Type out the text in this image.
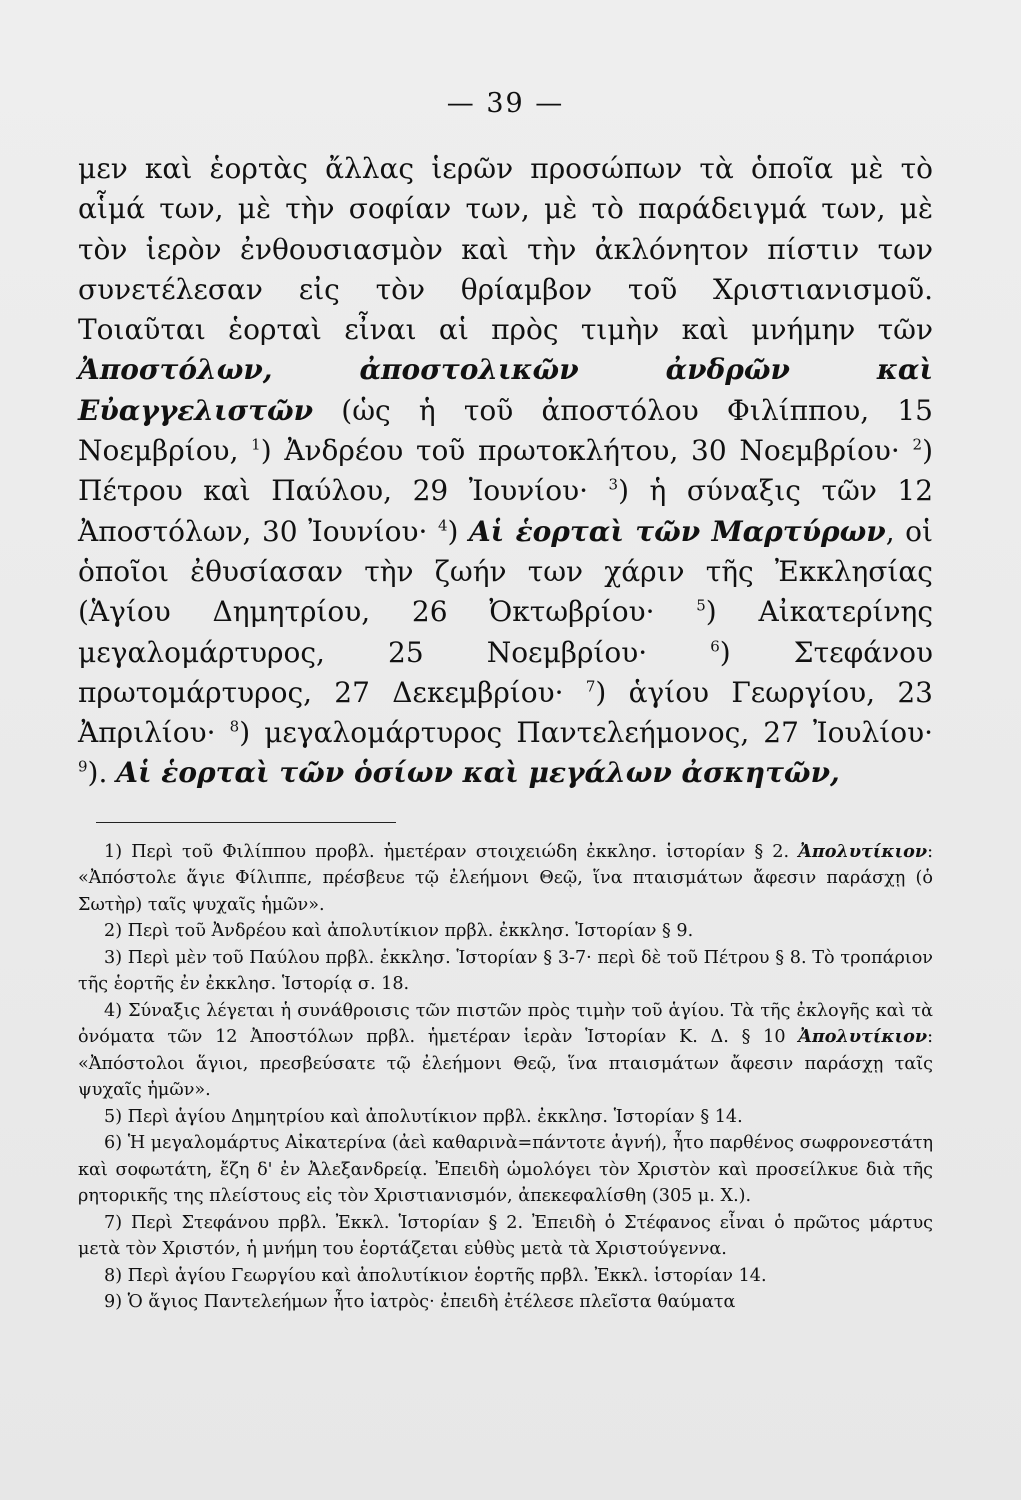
— 39 —
μεν καὶ ἑορτὰς ἄλλας ἱερῶν προσώπων τὰ ὁποῖα μὲ τὸ αἷμά των, μὲ τὴν σοφίαν των, μὲ τὸ παράδειγμά των, μὲ τὸν ἱερὸν ἐνθουσιασμὸν καὶ τὴν ἀκλόνητον πίστιν των συνετέλεσαν εἰς τὸν θρίαμβον τοῦ Χριστιανισμοῦ. Τοιαῦται ἑορταὶ εἶναι αἱ πρὸς τιμὴν καὶ μνήμην τῶν Ἀποστόλων, ἀποστολικῶν ἀνδρῶν καὶ Εὐαγγελιστῶν (ὡς ἡ τοῦ ἀποστόλου Φιλίππου, 15 Νοεμβρίου, $^1$) Ἀνδρέου τοῦ πρωτοκλήτου, 30 Νοεμβρίου· $^2$) Πέτρου καὶ Παύλου, 29 Ἰουνίου· $^3$) ἡ σύναξις τῶν 12 Ἀποστόλων, 30 Ἰουνίου· $^4$) Αἱ ἑορταὶ τῶν Μαρτύρων, οἱ ὁποῖοι ἐθυσίασαν τὴν ζωήν των χάριν τῆς Ἐκκλησίας (Ἁγίου Δημητρίου, 26 Ὀκτωβρίου· $^5$) Αἰκατερίνης μεγαλομάρτυρος, 25 Νοεμβρίου· $^6$) Στεφάνου πρωτομάρτυρος, 27 Δεκεμβρίου· $^7$) ἁγίου Γεωργίου, 23 Ἀπριλίου· $^8$) μεγαλομάρτυρος Παντελεήμονος, 27 Ἰουλίου· $^9$). Αἱ ἑορταὶ τῶν ὁσίων καὶ μεγάλων ἀσκητῶν,

1) Περὶ τοῦ Φιλίππου προβλ. ἡμετέραν στοιχειώδη ἐκκλησ. ἱστορίαν § 2. Ἀπολυτίκιον: «Ἀπόστολε ἅγιε Φίλιππε, πρέσβευε τῷ ἐλεήμονι Θεῷ, ἵνα πταισμάτων ἄφεσιν παράσχῃ (ὁ Σωτὴρ) ταῖς ψυχαῖς ἡμῶν».

2) Περὶ τοῦ Ἀνδρέου καὶ ἀπολυτίκιον πρβλ. ἐκκλησ. Ἱστορίαν § 9.

3) Περὶ μὲν τοῦ Παύλου πρβλ. ἐκκλησ. Ἱστορίαν § 3-7· περὶ δὲ τοῦ Πέτρου § 8. Τὸ τροπάριον τῆς ἑορτῆς ἐν ἐκκλησ. Ἱστορίᾳ σ. 18.

4) Σύναξις λέγεται ἡ συνάθροισις τῶν πιστῶν πρὸς τιμὴν τοῦ ἁγίου. Τὰ τῆς ἐκλογῆς καὶ τὰ ὀνόματα τῶν 12 Ἀποστόλων πρβλ. ἡμετέραν ἱερὰν Ἱστορίαν Κ. Δ. § 10 Ἀπολυτίκιον: «Ἀπόστολοι ἅγιοι, πρεσβεύσατε τῷ ἐλεήμονι Θεῷ, ἵνα πταισμάτων ἄφεσιν παράσχῃ ταῖς ψυχαῖς ἡμῶν».

5) Περὶ ἁγίου Δημητρίου καὶ ἀπολυτίκιον πρβλ. ἐκκλησ. Ἱστορίαν § 14.

6) Ἡ μεγαλομάρτυς Αἰκατερίνα (ἀεὶ καθαρινὰ=πάντοτε ἁγνή), ἦτο παρθένος σωφρονεστάτη καὶ σοφωτάτη, ἔζη δ' ἐν Ἀλεξανδρείᾳ. Ἐπειδὴ ὡμολόγει τὸν Χριστὸν καὶ προσείλκυε διὰ τῆς ρητορικῆς της πλείστους εἰς τὸν Χριστιανισμόν, ἀπεκεφαλίσθη (305 μ. Χ.).

7) Περὶ Στεφάνου πρβλ. Ἐκκλ. Ἱστορίαν § 2. Ἐπειδὴ ὁ Στέφανος εἶναι ὁ πρῶτος μάρτυς μετὰ τὸν Χριστόν, ἡ μνήμη του ἑορτάζεται εὐθὺς μετὰ τὰ Χριστούγεννα.

8) Περὶ ἁγίου Γεωργίου καὶ ἀπολυτίκιον ἑορτῆς πρβλ. Ἐκκλ. ἱστορίαν 14.

9) Ὁ ἅγιος Παντελεήμων ἦτο ἰατρὸς· ἐπειδὴ ἐτέλεσε πλεῖστα θαύματα
